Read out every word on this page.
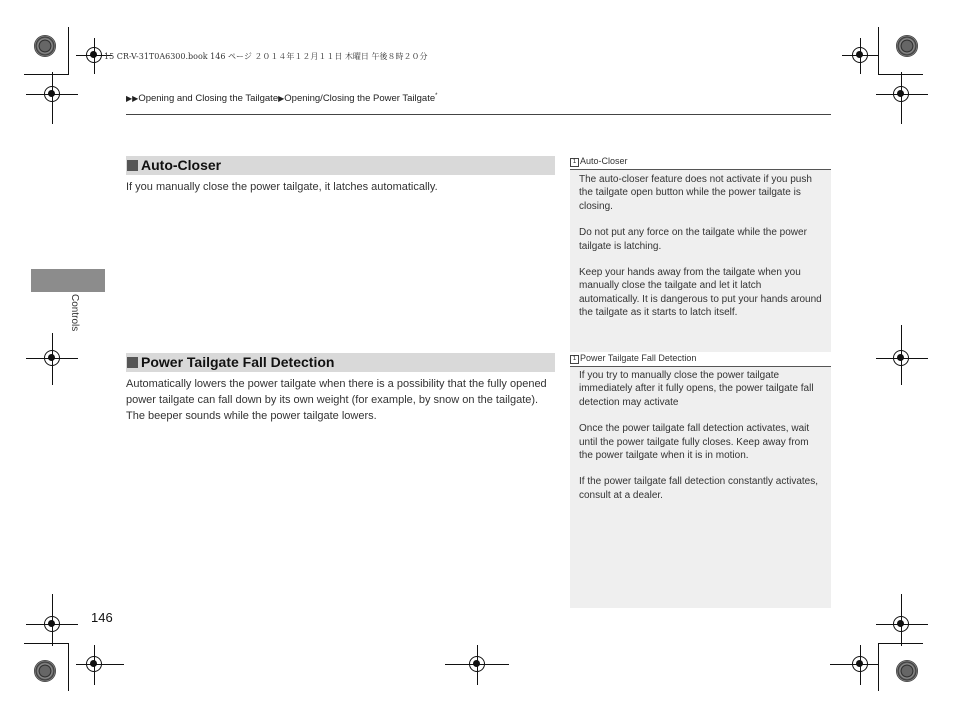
15 CR-V-31T0A6300.book 146 ページ ２０１４年１２月１１日 木曜日 午後８時２０分
▶▶Opening and Closing the Tailgate▶Opening/Closing the Power Tailgate*
Controls
Auto-Closer
If you manually close the power tailgate, it latches automatically.
Power Tailgate Fall Detection
Automatically lowers the power tailgate when there is a possibility that the fully opened power tailgate can fall down by its own weight (for example, by snow on the tailgate). The beeper sounds while the power tailgate lowers.
1 Auto-Closer

The auto-closer feature does not activate if you push the tailgate open button while the power tailgate is closing.

Do not put any force on the tailgate while the power tailgate is latching.

Keep your hands away from the tailgate when you manually close the tailgate and let it latch automatically. It is dangerous to put your hands around the tailgate as it starts to latch itself.

1 Power Tailgate Fall Detection

If you try to manually close the power tailgate immediately after it fully opens, the power tailgate fall detection may activate

Once the power tailgate fall detection activates, wait until the power tailgate fully closes. Keep away from the power tailgate when it is in motion.

If the power tailgate fall detection constantly activates, consult at a dealer.

146
